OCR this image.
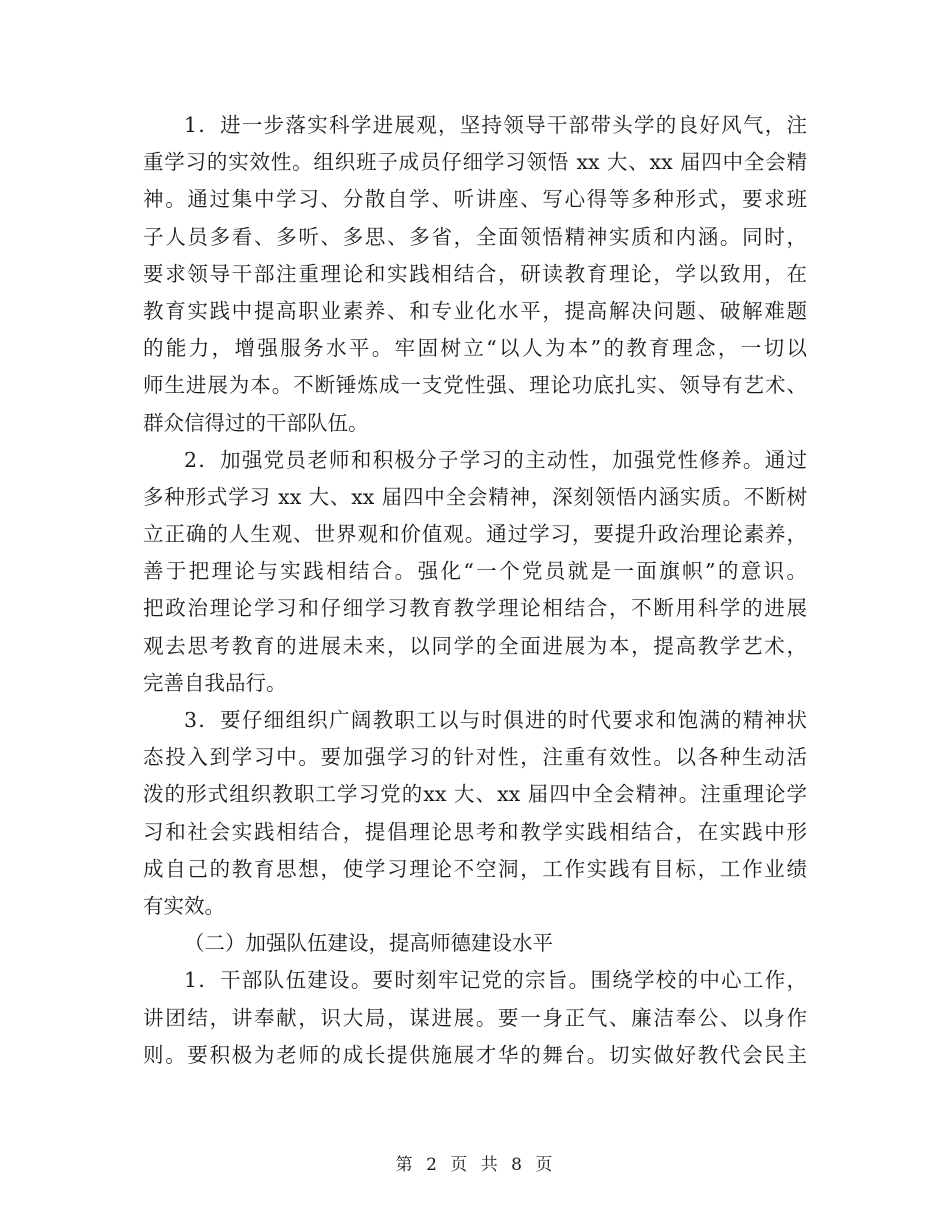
1．进一步落实科学进展观，坚持领导干部带头学的良好风气，注
重学习的实效性。组织班子成员仔细学习领悟 xx 大、xx 届四中全会精
神。通过集中学习、分散自学、听讲座、写心得等多种形式，要求班
子人员多看、多听、多思、多省，全面领悟精神实质和内涵。同时，
要求领导干部注重理论和实践相结合，研读教育理论，学以致用，在
教育实践中提高职业素养、和专业化水平，提高解决问题、破解难题
的能力，增强服务水平。牢固树立“以人为本”的教育理念，一切以
师生进展为本。不断锤炼成一支党性强、理论功底扎实、领导有艺术、
群众信得过的干部队伍。
2．加强党员老师和积极分子学习的主动性，加强党性修养。通过
多种形式学习 xx 大、xx 届四中全会精神，深刻领悟内涵实质。不断树
立正确的人生观、世界观和价值观。通过学习，要提升政治理论素养，
善于把理论与实践相结合。强化“一个党员就是一面旗帜”的意识。
把政治理论学习和仔细学习教育教学理论相结合，不断用科学的进展
观去思考教育的进展未来，以同学的全面进展为本，提高教学艺术，
完善自我品行。
3．要仔细组织广阔教职工以与时俱进的时代要求和饱满的精神状
态投入到学习中。要加强学习的针对性，注重有效性。以各种生动活
泼的形式组织教职工学习党的xx 大、xx 届四中全会精神。注重理论学
习和社会实践相结合，提倡理论思考和教学实践相结合，在实践中形
成自己的教育思想，使学习理论不空洞，工作实践有目标，工作业绩
有实效。
（二）加强队伍建设，提高师德建设水平
1．干部队伍建设。要时刻牢记党的宗旨。围绕学校的中心工作，
讲团结，讲奉献，识大局，谋进展。要一身正气、廉洁奉公、以身作
则。要积极为老师的成长提供施展才华的舞台。切实做好教代会民主
第 2 页 共 8 页
